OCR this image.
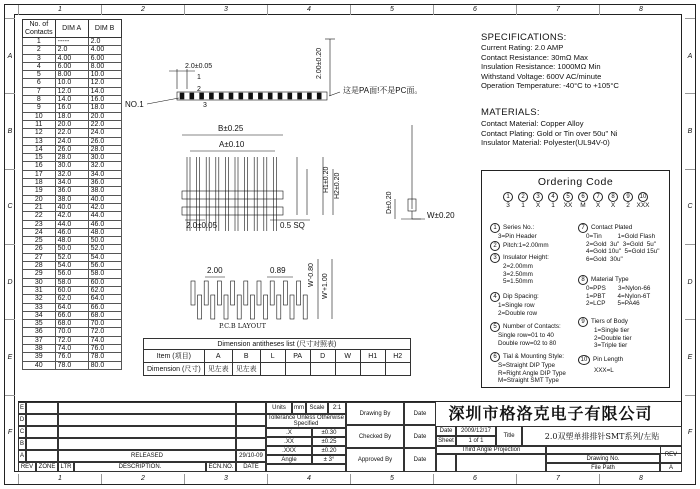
1	2	3	4	5	6	7	8
1	2	3	4	5	6	7	8
A
B
C
D
E
F
A
B
C
D
E
F
No. of Contacts	DIM A	DIM B
1	-----	2.0
2	2.0	4.00
3	4.00	6.00
4	6.00	8.00
5	8.00	10.0
6	10.0	12.0
7	12.0	14.0
8	14.0	16.0
9	16.0	18.0
10	18.0	20.0
11	20.0	22.0
12	22.0	24.0
13	24.0	26.0
14	26.0	28.0
15	28.0	30.0
16	30.0	32.0
17	32.0	34.0
18	34.0	36.0
19	36.0	38.0
20	38.0	40.0
21	40.0	42.0
22	42.0	44.0
23	44.0	46.0
24	46.0	48.0
25	48.0	50.0
26	50.0	52.0
27	52.0	54.0
28	54.0	56.0
29	56.0	58.0
30	58.0	60.0
31	60.0	62.0
32	62.0	64.0
33	64.0	66.0
34	66.0	68.0
35	68.0	70.0
36	70.0	72.0
37	72.0	74.0
38	74.0	76.0
39	76.0	78.0
40	78.0	80.0
2.0±0.05	2.00±0.20
NO.1
1
2
3
这是PA面!不是PC面。
B±0.25
A±0.10
H1±0.20 H2±0.20
2.0±0.05	0.5 SQ
D±0.20
W±0.20
2.00	0.89	W'-0.80 W'+1.00
P.C.B LAYOUT
SPECIFICATIONS:
Current Rating: 2.0 AMP
Contact Resistance: 30mΩ Max
Insulation Resistance: 1000MΩ Min
Withstand Voltage: 600V AC/minute
Operation Temperature: -40°C to +105°C
MATERIALS:
Contact Material: Copper Alloy
Contact Plating: Gold or Tin over 50u" Ni
Insulator Material: Polyester(UL94V-0)
Ordering Code
1	2	3	4	5	6	7	8	9	10
3	1	X	1	XX	M	X	X	2	XXX
1	Series No.:
3=Pin Header
2	Pitch:1=2.00mm
3	Insulator Height:
2=2.00mm
3=2.50mm
5=1.50mm
4	Dip Spacing:
1=Single row
2=Double row
5	Number of Contacts:
Single row=01 to 40
Double row=02 to 80
6	Tial & Mounting Style:
S=Straight DIP Type
R=Right Angle DIP Type
M=Straight SMT Type
7	Contact Plated
0=Tin         1=Gold Flash
2=Gold  3u"  3=Gold  5u"
4=Gold 10u"  5=Gold 15u"
6=Gold  30u"
8	Material Type
0=PPS       3=Nylon-66
1=PBT       4=Nylon-6T
2=LCP       5=PA46
9	Tiers of Body
1=Single tier
2=Double tier
3=Triple tier
10 Pin Length
XXX=L
Dimension antitheses list (尺寸对照表)								
Item (项目)	A	B	L	PA	D	W	H1	H2
Dimension (尺寸)	见左表	见左表						
E
D
C
B
A	RELEASED	29/10-09
REV ZONE LTR	DESCRIPTION.	ECN.NO.	DATE
Units	mm Scale	2:1
Tollerance Unless Otherwise Specified
.X	±0.30
.XX	±0.25
.XXX	±0.20
Angle	± 3°
Drawing By	Date
Checked By	Date
Approved By	Date
Date	2009/12/17
Sheet	1 of 1
Title	2.0双塑单排排针SMT系列/左贴
Third Angle Projection
Drawing No.
REV
File Path	A
深圳市格洛克电子有限公司
